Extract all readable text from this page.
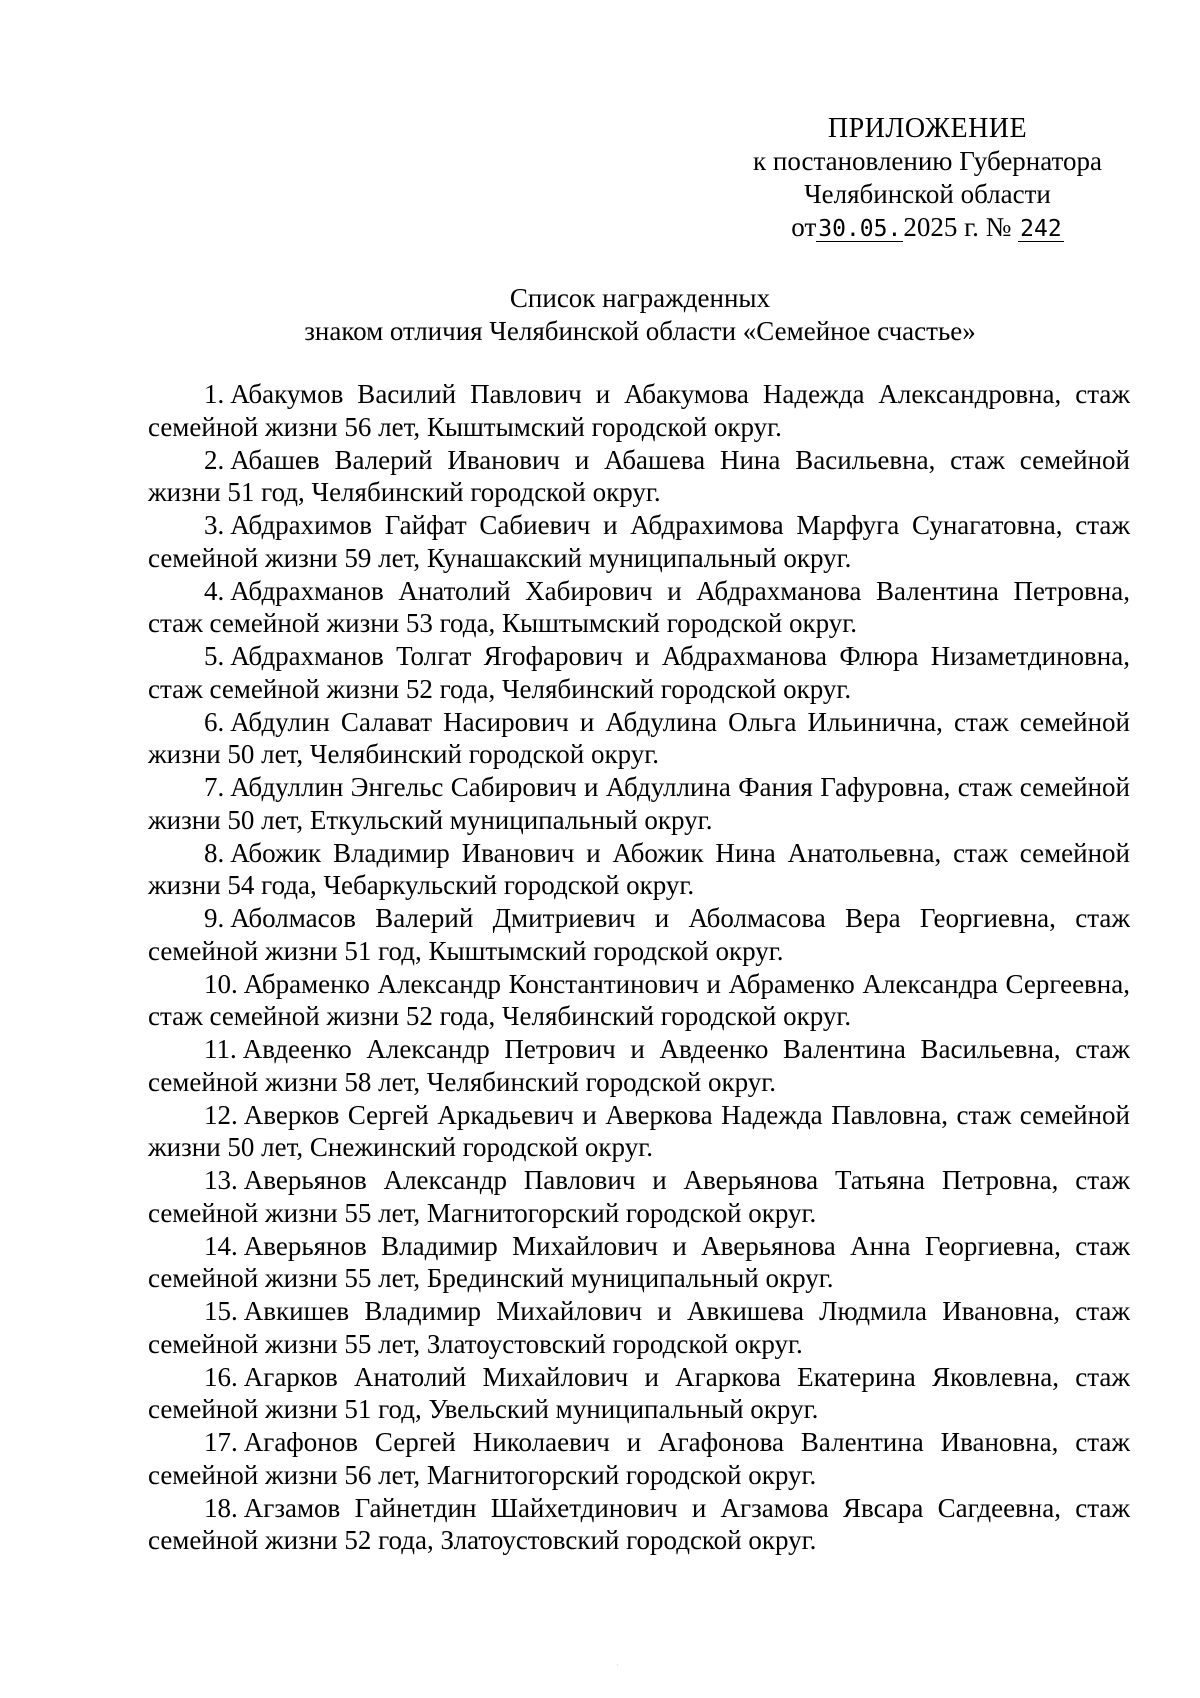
ПРИЛОЖЕНИЕ
к постановлению Губернатора
Челябинской области
от30.05.2025 г. № 242
Список награжденных
знаком отличия Челябинской области «Семейное счастье»
1. Абакумов Василий Павлович и Абакумова Надежда Александровна, стаж семейной жизни 56 лет, Кыштымский городской округ.
2. Абашев Валерий Иванович и Абашева Нина Васильевна, стаж семейной жизни 51 год, Челябинский городской округ.
3. Абдрахимов Гайфат Сабиевич и Абдрахимова Марфуга Сунагатовна, стаж семейной жизни 59 лет, Кунашакский муниципальный округ.
4. Абдрахманов Анатолий Хабирович и Абдрахманова Валентина Петровна, стаж семейной жизни 53 года, Кыштымский городской округ.
5. Абдрахманов Толгат Ягофарович и Абдрахманова Флюра Низаметдиновна, стаж семейной жизни 52 года, Челябинский городской округ.
6. Абдулин Салават Насирович и Абдулина Ольга Ильинична, стаж семейной жизни 50 лет, Челябинский городской округ.
7. Абдуллин Энгельс Сабирович и Абдуллина Фания Гафуровна, стаж семейной жизни 50 лет, Еткульский муниципальный округ.
8. Абожик Владимир Иванович и Абожик Нина Анатольевна, стаж семейной жизни 54 года, Чебаркульский городской округ.
9. Аболмасов Валерий Дмитриевич и Аболмасова Вера Георгиевна, стаж семейной жизни 51 год, Кыштымский городской округ.
10. Абраменко Александр Константинович и Абраменко Александра Сергеевна, стаж семейной жизни 52 года, Челябинский городской округ.
11. Авдеенко Александр Петрович и Авдеенко Валентина Васильевна, стаж семейной жизни 58 лет, Челябинский городской округ.
12. Аверков Сергей Аркадьевич и Аверкова Надежда Павловна, стаж семейной жизни 50 лет, Снежинский городской округ.
13. Аверьянов Александр Павлович и Аверьянова Татьяна Петровна, стаж семейной жизни 55 лет, Магнитогорский городской округ.
14. Аверьянов Владимир Михайлович и Аверьянова Анна Георгиевна, стаж семейной жизни 55 лет, Брединский муниципальный округ.
15. Авкишев Владимир Михайлович и Авкишева Людмила Ивановна, стаж семейной жизни 55 лет, Златоустовский городской округ.
16. Агарков Анатолий Михайлович и Агаркова Екатерина Яковлевна, стаж семейной жизни 51 год, Увельский муниципальный округ.
17. Агафонов Сергей Николаевич и Агафонова Валентина Ивановна, стаж семейной жизни 56 лет, Магнитогорский городской округ.
18. Агзамов Гайнетдин Шайхетдинович и Агзамова Явсара Сагдеевна, стаж семейной жизни 52 года, Златоустовский городской округ.
·
